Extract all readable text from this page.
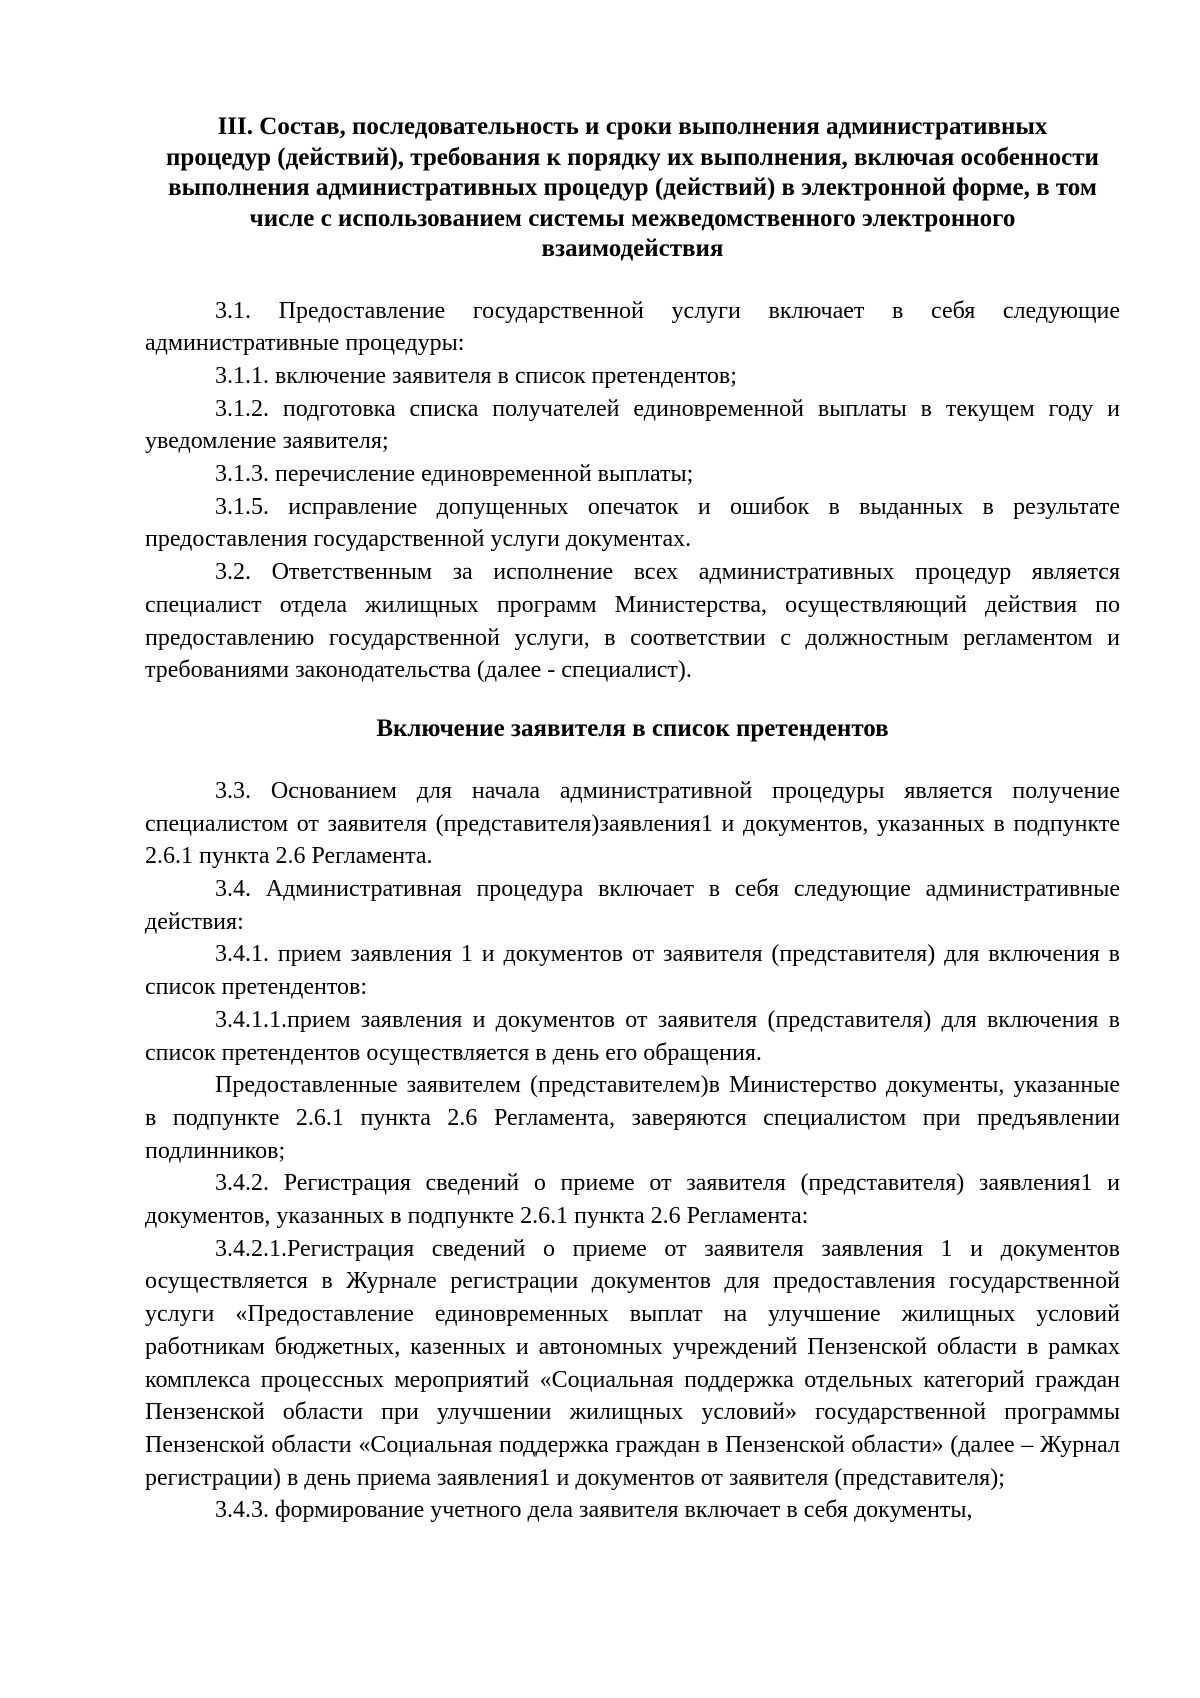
III. Состав, последовательность и сроки выполнения административных процедур (действий), требования к порядку их выполнения, включая особенности выполнения административных процедур (действий) в электронной форме, в том числе с использованием системы межведомственного электронного взаимодействия

3.1. Предоставление государственной услуги включает в себя следующие административные процедуры:

3.1.1. включение заявителя в список претендентов;

3.1.2. подготовка списка получателей единовременной выплаты в текущем году и уведомление заявителя;

3.1.3. перечисление единовременной выплаты;

3.1.5. исправление допущенных опечаток и ошибок в выданных в результате предоставления государственной услуги документах.

3.2. Ответственным за исполнение всех административных процедур является специалист отдела жилищных программ Министерства, осуществляющий действия по предоставлению государственной услуги, в соответствии с должностным регламентом и требованиями законодательства (далее - специалист).

Включение заявителя в список претендентов

3.3. Основанием для начала административной процедуры является получение специалистом от заявителя (представителя)заявления1 и документов, указанных в подпункте 2.6.1 пункта 2.6 Регламента.

3.4. Административная процедура включает в себя следующие административные действия:

3.4.1. прием заявления 1 и документов от заявителя (представителя) для включения в список претендентов:

3.4.1.1.прием заявления и документов от заявителя (представителя) для включения в список претендентов осуществляется в день его обращения.

Предоставленные заявителем (представителем)в Министерство документы, указанные в подпункте 2.6.1 пункта 2.6 Регламента, заверяются специалистом при предъявлении подлинников;

3.4.2. Регистрация сведений о приеме от заявителя (представителя) заявления1 и документов, указанных в подпункте 2.6.1 пункта 2.6 Регламента:

3.4.2.1.Регистрация сведений о приеме от заявителя заявления 1 и документов осуществляется в Журнале регистрации документов для предоставления государственной услуги «Предоставление единовременных выплат на улучшение жилищных условий работникам бюджетных, казенных и автономных учреждений Пензенской области в рамках комплекса процессных мероприятий «Социальная поддержка отдельных категорий граждан Пензенской области при улучшении жилищных условий» государственной программы Пензенской области «Социальная поддержка граждан в Пензенской области» (далее – Журнал регистрации) в день приема заявления1 и документов от заявителя (представителя);

3.4.3. формирование учетного дела заявителя включает в себя документы,
